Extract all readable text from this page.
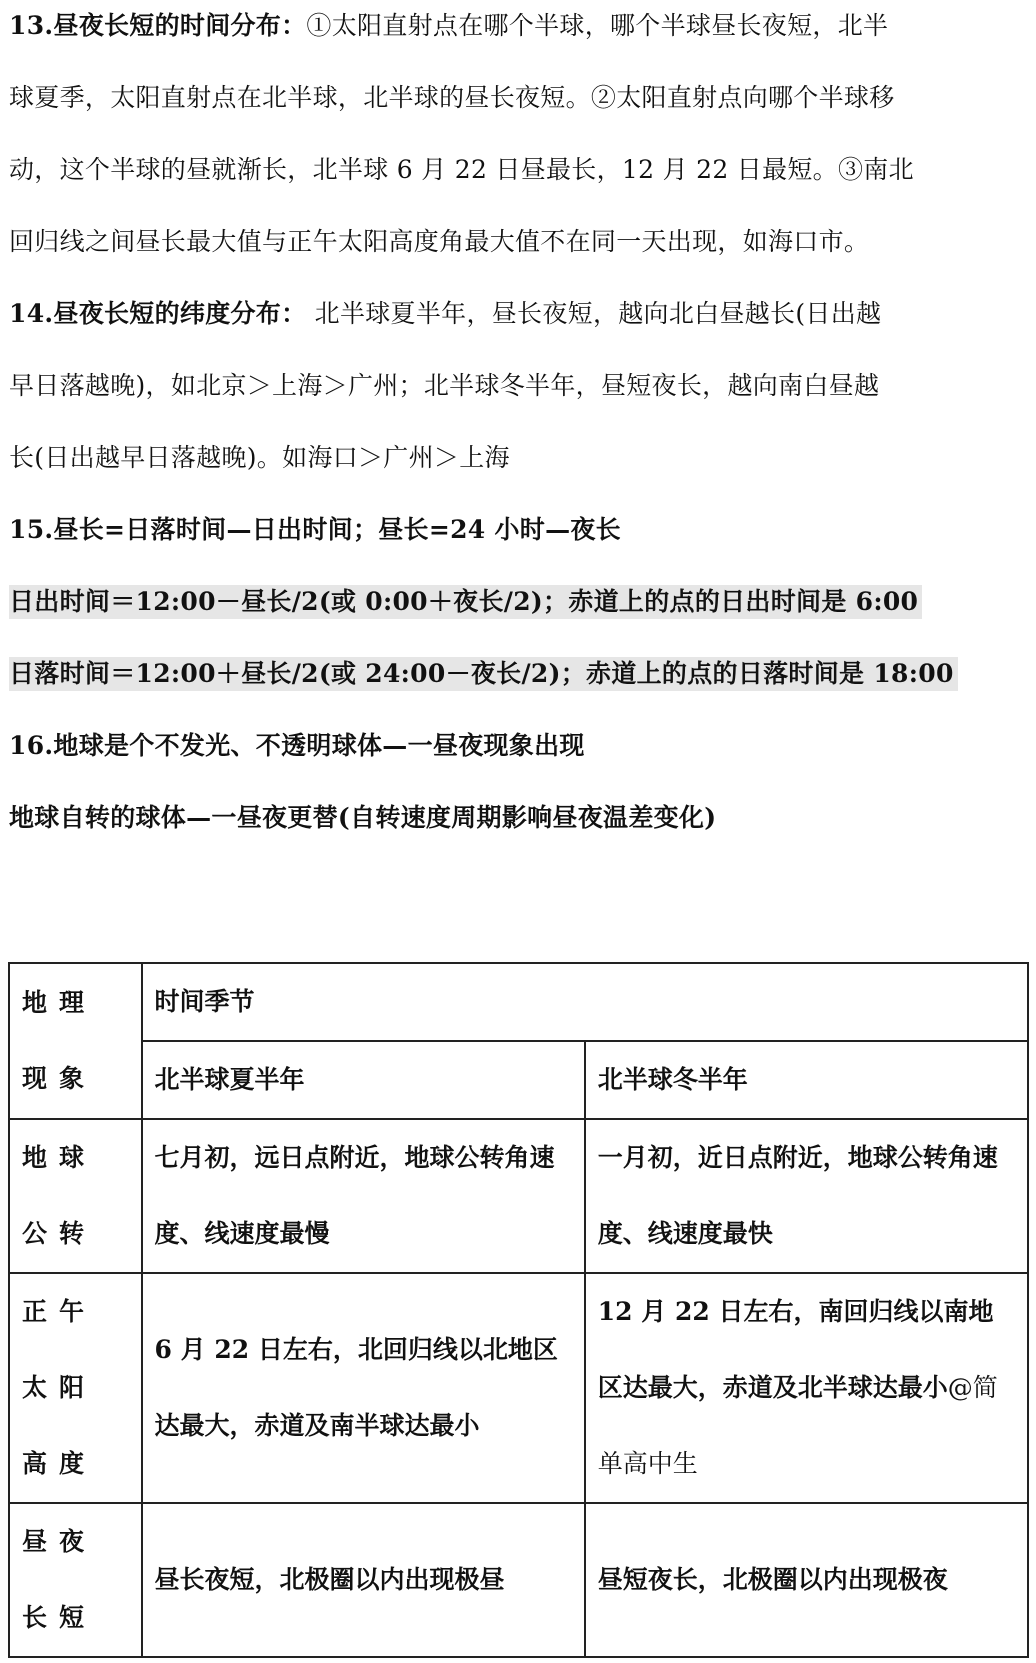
13.昼夜长短的时间分布：①太阳直射点在哪个半球，哪个半球昼长夜短，北半
球夏季，太阳直射点在北半球，北半球的昼长夜短。②太阳直射点向哪个半球移
动，这个半球的昼就渐长，北半球 6 月 22 日昼最长，12 月 22 日最短。③南北
回归线之间昼长最大值与正午太阳高度角最大值不在同一天出现，如海口市。
14.昼夜长短的纬度分布： 北半球夏半年，昼长夜短，越向北白昼越长(日出越
早日落越晚)，如北京＞上海＞广州；北半球冬半年，昼短夜长，越向南白昼越
长(日出越早日落越晚)。如海口＞广州＞上海
15.昼长=日落时间—日出时间；昼长=24 小时—夜长
日出时间＝12:00－昼长/2(或 0:00＋夜长/2)；赤道上的点的日出时间是 6:00
日落时间＝12:00＋昼长/2(或 24:00－夜长/2)；赤道上的点的日落时间是 18:00
16.地球是个不发光、不透明球体—一昼夜现象出现
地球自转的球体—一昼夜更替(自转速度周期影响昼夜温差变化)
地理现象	时间季节	
	北半球夏半年	北半球冬半年
地球公转	七月初，远日点附近，地球公转角速度、线速度最慢	一月初，近日点附近，地球公转角速度、线速度最快
正午太阳高度	6 月 22 日左右，北回归线以北地区达最大，赤道及南半球达最小	12 月 22 日左右，南回归线以南地区达最大，赤道及北半球达最小@简单高中生
昼夜长短	昼长夜短，北极圈以内出现极昼	昼短夜长，北极圈以内出现极夜
